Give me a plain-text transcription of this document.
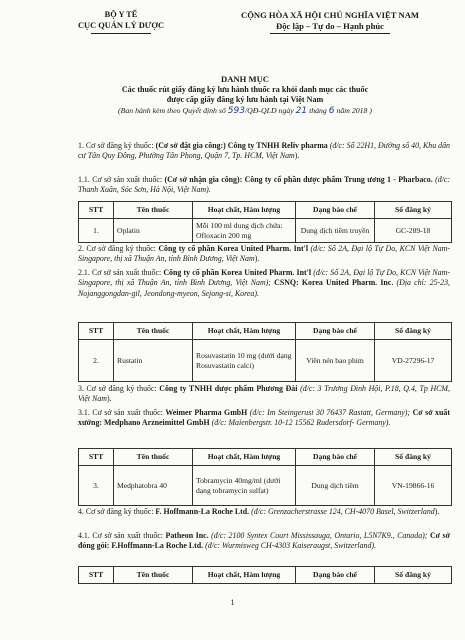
BỘ Y TẾ
CỤC QUẢN LÝ DƯỢC
CỘNG HÒA XÃ HỘI CHỦ NGHĨA VIỆT NAM
Độc lập – Tự do – Hạnh phúc
DANH MỤC
Các thuốc rút giấy đăng ký lưu hành thuốc ra khỏi danh mục các thuốc
được cấp giấy đăng ký lưu hành tại Việt Nam
(Ban hành kèm theo Quyết định số 593/QĐ-QLD ngày 21 tháng 6 năm 2018 )
1. Cơ sở đăng ký thuốc: (Cơ sở đặt gia công:) Công ty TNHH Reliv pharma (đ/c: Số 22H1, Đường số 40, Khu dân cư Tân Quy Đông, Phường Tân Phong, Quận 7, Tp. HCM, Việt Nam).
1.1. Cơ sở sản xuất thuốc: (Cơ sở nhận gia công): Công ty cổ phần dược phẩm Trung ương 1 - Pharbaco. (đ/c: Thanh Xuân, Sóc Sơn, Hà Nội, Việt Nam).
STT	Tên thuốc	Hoạt chất, Hàm lượng	Dạng bào chế	Số đăng ký
1.	Oplatin	Mỗi 100 ml dung dịch chứa: Ofloxacin 200 mg	Dung dịch tiêm truyền	GC-289-18
2. Cơ sở đăng ký thuốc: Công ty cổ phần Korea United Pharm. Int'l (đ/c: Số 2A, Đại lộ Tự Do, KCN Việt Nam- Singapore, thị xã Thuận An, tỉnh Bình Dương, Việt Nam).
2.1. Cơ sở sản xuất thuốc: Công ty cổ phần Korea United Pharm. Int'l (đ/c: Số 2A, Đại lộ Tự Do, KCN Việt Nam- Singapore, thị xã Thuận An, tỉnh Bình Dương, Việt Nam); CSNQ: Korea United Pharm. Inc. (Địa chỉ: 25-23, Nojanggongdan-gil, Jeondong-myeon, Sejong-si, Korea).
STT	Tên thuốc	Hoạt chất, Hàm lượng	Dạng bào chế	Số đăng ký
2.	Rustatin	Rosuvastatin 10 mg (dưới dạng Rosuvastatin calci)	Viên nén bao phim	VD-27296-17
3. Cơ sở đăng ký thuốc: Công ty TNHH dược phẩm Phương Đài (đ/c: 3 Trương Đình Hội, P.18, Q.4, Tp HCM, Việt Nam).
3.1. Cơ sở sản xuất thuốc: Weimer Pharma GmbH (đ/c: Im Steingerust 30 76437 Rastatt, Germany); Cơ sở xuất xưởng: Medphano Arzneimittel GmbH (đ/c: Maienbergstr. 10-12 15562 Rudersdorf- Germany).
STT	Tên thuốc	Hoạt chất, Hàm lượng	Dạng bào chế	Số đăng ký
3.	Medphatobra 40	Tobramycin 40mg/ml (dưới dạng tobramycin sulfat)	Dung dịch tiêm	VN-19866-16
4. Cơ sở đăng ký thuốc: F. Hoffmann-La Roche Ltd. (đ/c: Grenzacherstrasse 124, CH-4070 Basel, Switzerland).
4.1. Cơ sở sản xuất thuốc: Patheon Inc. (đ/c: 2100 Syntex Court Mississauga, Ontario, L5N7K9., Canada); Cơ sở đóng gói: F.Hoffmann-La Roche Ltd. (đ/c: Wurmisweg CH-4303 Kaiseraugst, Switzerland).
STT	Tên thuốc	Hoạt chất, Hàm lượng	Dạng bào chế	Số đăng ký
1
